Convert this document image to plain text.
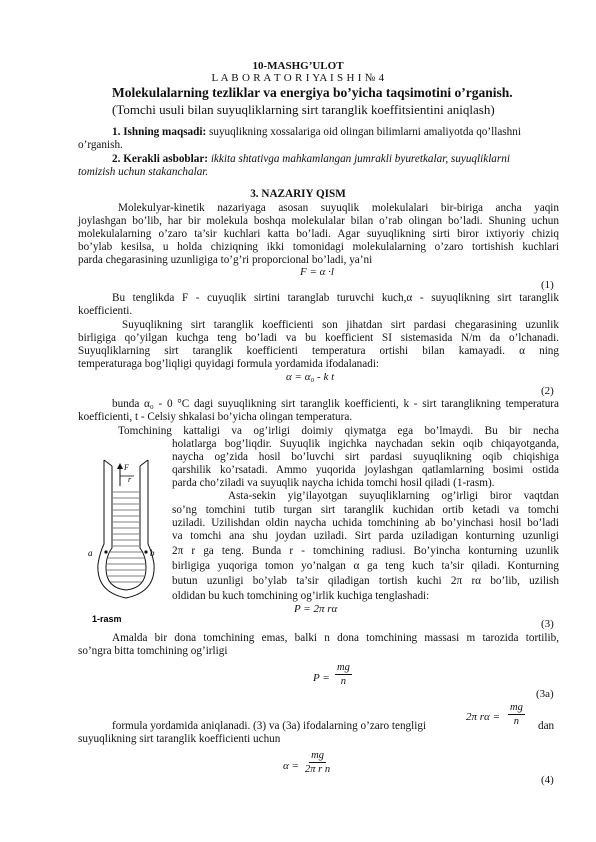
10-MASHG’ULOT
L A B O R A T O R I YA I S H I № 4
Molekulalarning tezliklar va energiya bo’yicha taqsimotini o’rganish.
(Tomchi usuli bilan suyuqliklarning sirt taranglik koeffitsientini aniqlash)
1. Ishning maqsadi: suyuqlikning xossalariga oid olingan bilimlarni amaliyotda qo’llashni
o’rganish.
2. Kerakli asboblar: ikkita shtativga mahkamlangan jumrakli byuretkalar, suyuqliklarni
tomizish uchun stakanchalar.
3. NAZARIY QISM
Molekulyar-kinetik nazariyaga asosan suyuqlik molekulalari bir-biriga ancha yaqin
joylashgan bo’lib, har bir molekula boshqa molekulalar bilan o’rab olingan bo’ladi. Shuning uchun
molekulalarning o’zaro ta’sir kuchlari katta bo’ladi. Agar suyuqlikning sirti biror ixtiyoriy chiziq
bo’ylab kesilsa, u holda chiziqning ikki tomonidagi molekulalarning o’zaro tortishish kuchlari
parda chegarasining uzunligiga to’g’ri proporcional bo’ladi, ya’ni
F = α ·l
(1)
Bu tenglikda F - cuyuqlik sirtini taranglab turuvchi kuch,α - suyuqlikning sirt taranglik
koefficienti.
Suyuqlikning sirt taranglik koefficienti son jihatdan sirt pardasi chegarasining uzunlik
birligiga qo’yilgan kuchga teng bo’ladi va bu koefficient SI sistemasida N/m da o’lchanadi.
Suyuqliklarning sirt taranglik koefficienti temperatura ortishi bilan kamayadi. α ning
temperaturaga bog’liqligi quyidagi formula yordamida ifodalanadi:
α = α₀ - k t
(2)
bunda α₀ - 0 °C dagi suyuqlikning sirt taranglik koefficienti, k - sirt taranglikning temperatura
koefficienti, t - Celsiy shkalasi bo’yicha olingan temperatura.
Tomchining kattaligi va og’irligi doimiy qiymatga ega bo’lmaydi. Bu bir necha
holatlarga bog’liqdir. Suyuqlik ingichka naychadan sekin oqib chiqayotganda,
naycha og’zida hosil bo’luvchi sirt pardasi suyuqlikning oqib chiqishiga
qarshilik ko’rsatadi. Ammo yuqorida joylashgan qatlamlarning bosimi ostida
parda cho’ziladi va suyuqlik naycha ichida tomchi hosil qiladi (1-rasm).
Asta-sekin yig’ilayotgan suyuqliklarning og’irligi biror vaqtdan
so’ng tomchini tutib turgan sirt taranglik kuchidan ortib ketadi va tomchi
uziladi. Uzilishdan oldin naycha uchida tomchining ab bo’yinchasi hosil bo’ladi
va tomchi ana shu joydan uziladi. Sirt parda uziladigan konturning uzunligi
2π r ga teng. Bunda r - tomchining radiusi. Bo’yincha konturning uzunlik
birligiga yuqoriga tomon yo’nalgan α ga teng kuch ta’sir qiladi. Konturning
butun uzunligi bo’ylab ta’sir qiladigan tortish kuchi 2π rα bo’lib, uzilish
oldidan bu kuch tomchining og’irlik kuchiga tenglashadi:
P = 2π rα
(3)
Amalda bir dona tomchining emas, balki n dona tomchining massasi m tarozida tortilib,
so’ngra bitta tomchining og’irligi
$P = \frac{mg}{n}$
(3a)
2π $r\alpha = \frac{mg}{n}$
formula yordamida aniqlanadi. (3) va (3a) ifodalarning o’zaro tengligi	dan
suyuqlikning sirt taranglik koefficienti uchun
$\alpha = \frac{mg}{\text{2π r n}}$
(4)
F
r
a	b
1-rasm
